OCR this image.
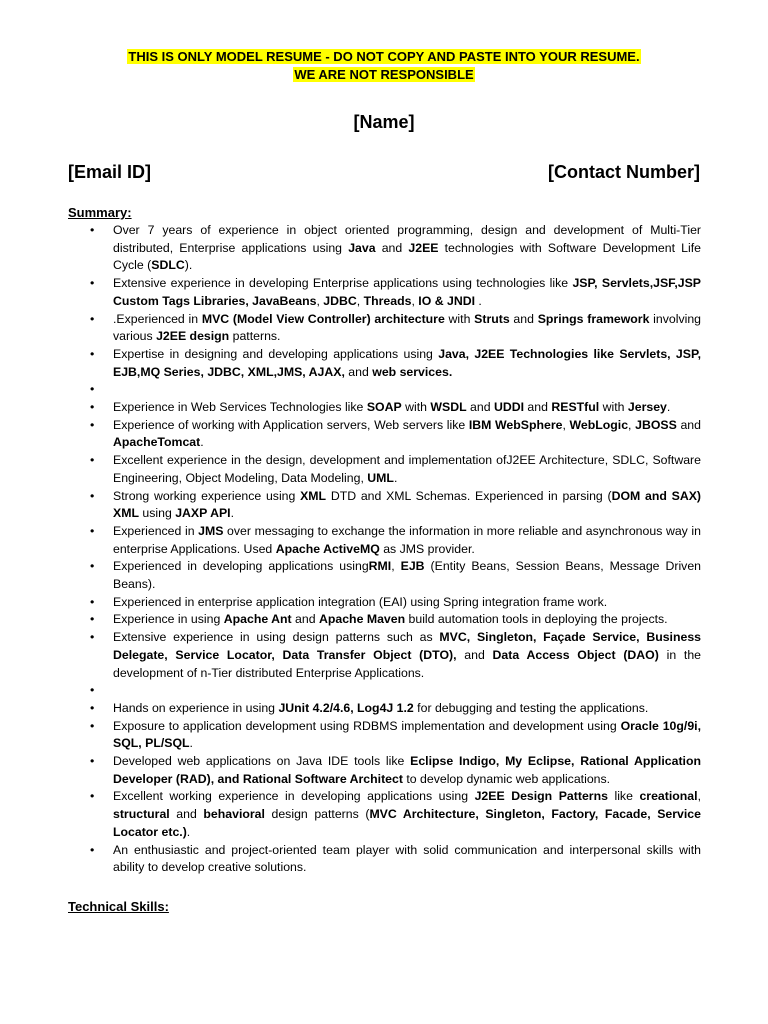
THIS IS ONLY MODEL RESUME - DO NOT COPY AND PASTE INTO YOUR RESUME.
WE ARE NOT RESPONSIBLE
[Name]
[Email ID]	[Contact Number]
Summary:
• Over 7 years of experience in object oriented programming, design and development of Multi-Tier distributed, Enterprise applications using Java and J2EE technologies with Software Development Life Cycle (SDLC).
• Extensive experience in developing Enterprise applications using technologies like JSP, Servlets,JSF,JSP Custom Tags Libraries, JavaBeans, JDBC, Threads, IO & JNDI .
• .Experienced in MVC (Model View Controller) architecture with Struts and Springs framework involving various J2EE design patterns.
• Expertise in designing and developing applications using Java, J2EE Technologies like Servlets, JSP, EJB,MQ Series, JDBC, XML,JMS, AJAX, and web services.
•
• Experience in Web Services Technologies like SOAP with WSDL and UDDI and RESTful with Jersey.
• Experience of working with Application servers, Web servers like IBM WebSphere, WebLogic, JBOSS and ApacheTomcat.
• Excellent experience in the design, development and implementation ofJ2EE Architecture, SDLC, Software Engineering, Object Modeling, Data Modeling, UML.
• Strong working experience using XML DTD and XML Schemas. Experienced in parsing (DOM and SAX) XML using JAXP API.
• Experienced in JMS over messaging to exchange the information in more reliable and asynchronous way in enterprise Applications. Used Apache ActiveMQ as JMS provider.
• Experienced in developing applications usingRMI, EJB (Entity Beans, Session Beans, Message Driven Beans).
• Experienced in enterprise application integration (EAI) using Spring integration frame work.
• Experience in using Apache Ant and Apache Maven build automation tools in deploying the projects.
• Extensive experience in using design patterns such as MVC, Singleton, Façade Service, Business Delegate, Service Locator, Data Transfer Object (DTO), and Data Access Object (DAO) in the development of n-Tier distributed Enterprise Applications.
•
• Hands on experience in using JUnit 4.2/4.6, Log4J 1.2 for debugging and testing the applications.
• Exposure to application development using RDBMS implementation and development using Oracle 10g/9i, SQL, PL/SQL.
• Developed web applications on Java IDE tools like Eclipse Indigo, My Eclipse, Rational Application Developer (RAD), and Rational Software Architect to develop dynamic web applications.
• Excellent working experience in developing applications using J2EE Design Patterns like creational, structural and behavioral design patterns (MVC Architecture, Singleton, Factory, Facade, Service Locator etc.).
• An enthusiastic and project-oriented team player with solid communication and interpersonal skills with ability to develop creative solutions.
Technical Skills:
